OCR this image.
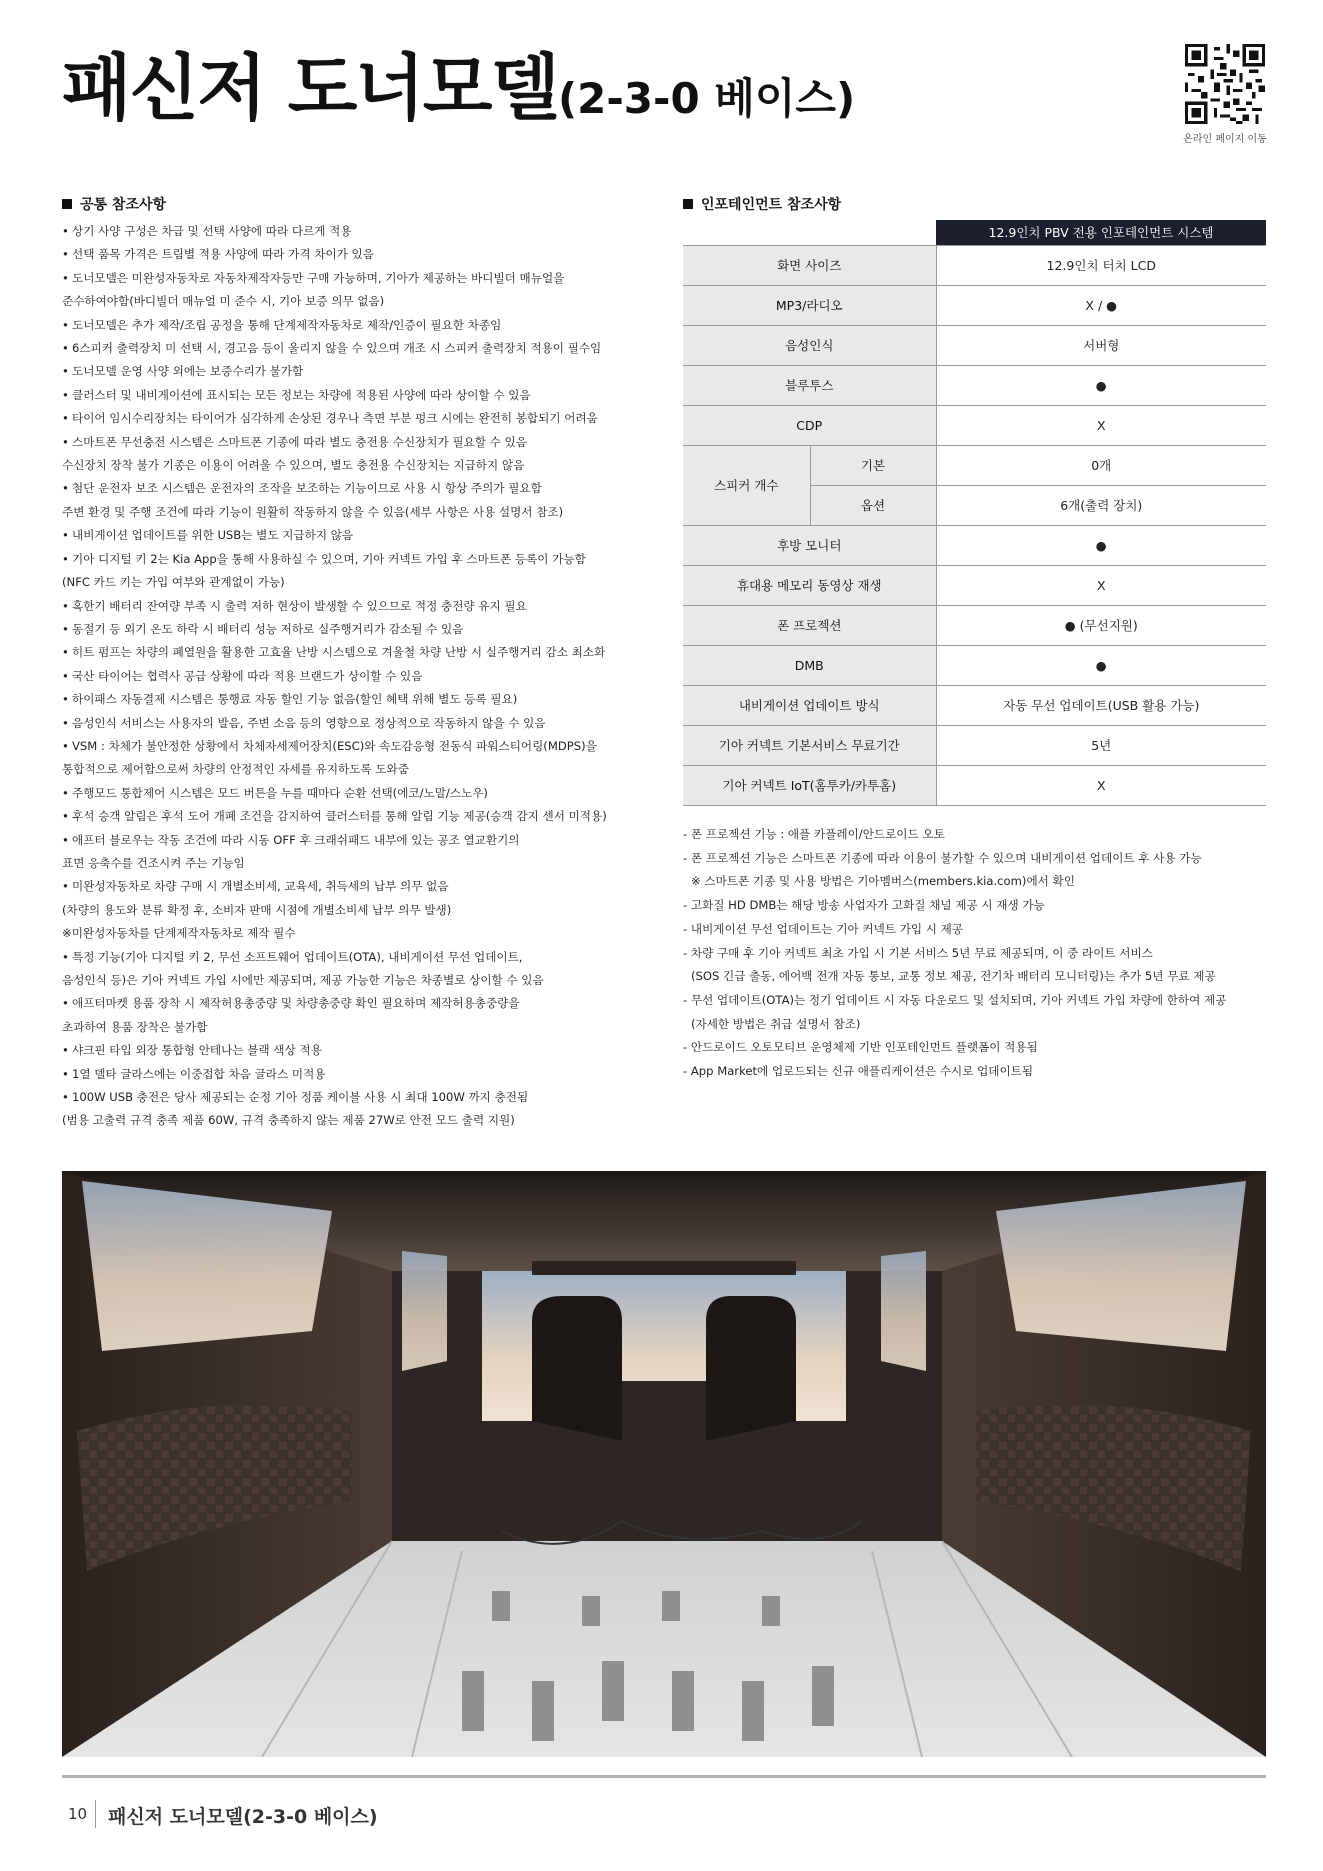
패신저 도너모델(2-3-0 베이스)
온라인 페이지 이동
공통 참조사항	인포테인먼트 참조사항
• 상기 사양 구성은 차급 및 선택 사양에 따라 다르게 적용
• 선택 품목 가격은 트림별 적용 사양에 따라 가격 차이가 있음
• 도너모델은 미완성자동차로 자동차제작자등만 구매 가능하며, 기아가 제공하는 바디빌더 매뉴얼을
준수하여야함(바디빌더 매뉴얼 미 준수 시, 기아 보증 의무 없음)
• 도너모델은 추가 제작/조립 공정을 통해 단계제작자동차로 제작/인증이 필요한 차종임
• 6스피커 출력장치 미 선택 시, 경고음 등이 울리지 않을 수 있으며 개조 시 스피커 출력장치 적용이 필수임
• 도너모델 운영 사양 외에는 보증수리가 불가함
• 클러스터 및 내비게이션에 표시되는 모든 정보는 차량에 적용된 사양에 따라 상이할 수 있음
• 타이어 임시수리장치는 타이어가 심각하게 손상된 경우나 측면 부분 펑크 시에는 완전히 봉합되기 어려움
• 스마트폰 무선충전 시스템은 스마트폰 기종에 따라 별도 충전용 수신장치가 필요할 수 있음
수신장치 장착 불가 기종은 이용이 어려울 수 있으며, 별도 충전용 수신장치는 지급하지 않음
• 첨단 운전자 보조 시스템은 운전자의 조작을 보조하는 기능이므로 사용 시 항상 주의가 필요함
주변 환경 및 주행 조건에 따라 기능이 원활히 작동하지 않을 수 있음(세부 사항은 사용 설명서 참조)
• 내비게이션 업데이트를 위한 USB는 별도 지급하지 않음
• 기아 디지털 키 2는 Kia App을 통해 사용하실 수 있으며, 기아 커넥트 가입 후 스마트폰 등록이 가능함
(NFC 카드 키는 가입 여부와 관계없이 가능)
• 혹한기 배터리 잔여량 부족 시 출력 저하 현상이 발생할 수 있으므로 적정 충전량 유지 필요
• 동절기 등 외기 온도 하락 시 배터리 성능 저하로 실주행거리가 감소될 수 있음
• 히트 펌프는 차량의 폐열원을 활용한 고효율 난방 시스템으로 겨울철 차량 난방 시 실주행거리 감소 최소화
• 국산 타이어는 협력사 공급 상황에 따라 적용 브랜드가 상이할 수 있음
• 하이패스 자동결제 시스템은 통행료 자동 할인 기능 없음(할인 혜택 위해 별도 등록 필요)
• 음성인식 서비스는 사용자의 발음, 주변 소음 등의 영향으로 정상적으로 작동하지 않을 수 있음
• VSM : 차체가 불안정한 상황에서 차체자세제어장치(ESC)와 속도감응형 전동식 파워스티어링(MDPS)을
통합적으로 제어함으로써 차량의 안정적인 자세를 유지하도록 도와줌
• 주행모드 통합제어 시스템은 모드 버튼을 누를 때마다 순환 선택(에코/노말/스노우)
• 후석 승객 알림은 후석 도어 개폐 조건을 감지하여 클러스터를 통해 알림 기능 제공(승객 감지 센서 미적용)
• 애프터 블로우는 작동 조건에 따라 시동 OFF 후 크래쉬패드 내부에 있는 공조 열교환기의
표면 응축수를 건조시켜 주는 기능임
• 미완성자동차로 차량 구매 시 개별소비세, 교육세, 취득세의 납부 의무 없음
(차량의 용도와 분류 확정 후, 소비자 판매 시점에 개별소비세 납부 의무 발생)
※미완성자동차를 단계제작자동차로 제작 필수
• 특정 기능(기아 디지털 키 2, 무선 소프트웨어 업데이트(OTA), 내비게이션 무선 업데이트,
음성인식 등)은 기아 커넥트 가입 시에만 제공되며, 제공 가능한 기능은 차종별로 상이할 수 있음
• 애프터마켓 용품 장착 시 제작허용총중량 및 차량총중량 확인 필요하며 제작허용총중량을
초과하여 용품 장착은 불가함
• 샤크핀 타입 외장 통합형 안테나는 블랙 색상 적용
• 1열 델타 글라스에는 이중접합 차음 글라스 미적용
• 100W USB 충전은 당사 제공되는 순정 기아 정품 케이블 사용 시 최대 100W 까지 충전됨
(범용 고출력 규격 충족 제품 60W, 규격 충족하지 않는 제품 27W로 안전 모드 출력 지원)
		12.9인치 PBV 전용 인포테인먼트 시스템
화면 사이즈		12.9인치 터치 LCD
MP3/라디오		X / ●
음성인식		서버형
블루투스		●
CDP		X
스피커 개수	기본	0개
	옵션	6개(출력 장치)
후방 모니터		●
휴대용 메모리 동영상 재생		X
폰 프로젝션		● (무선지원)
DMB		●
내비게이션 업데이트 방식		자동 무선 업데이트(USB 활용 가능)
기아 커넥트 기본서비스 무료기간		5년
기아 커넥트 IoT(홈투카/카투홈)		X
- 폰 프로젝션 기능 : 애플 카플레이/안드로이드 오토
- 폰 프로젝션 기능은 스마트폰 기종에 따라 이용이 불가할 수 있으며 내비게이션 업데이트 후 사용 가능
※ 스마트폰 기종 및 사용 방법은 기아멤버스(members.kia.com)에서 확인
- 고화질 HD DMB는 해당 방송 사업자가 고화질 채널 제공 시 재생 가능
- 내비게이션 무선 업데이트는 기아 커넥트 가입 시 제공
- 차량 구매 후 기아 커넥트 최초 가입 시 기본 서비스 5년 무료 제공되며, 이 중 라이트 서비스
(SOS 긴급 출동, 에어백 전개 자동 통보, 교통 정보 제공, 전기차 배터리 모니터링)는 추가 5년 무료 제공
- 무선 업데이트(OTA)는 정기 업데이트 시 자동 다운로드 및 설치되며, 기아 커넥트 가입 차량에 한하여 제공
(자세한 방법은 취급 설명서 참조)
- 안드로이드 오토모티브 운영체제 기반 인포테인먼트 플랫폼이 적용됨
- App Market에 업로드되는 신규 애플리케이션은 수시로 업데이트됨
10 패신저 도너모델(2-3-0 베이스)
